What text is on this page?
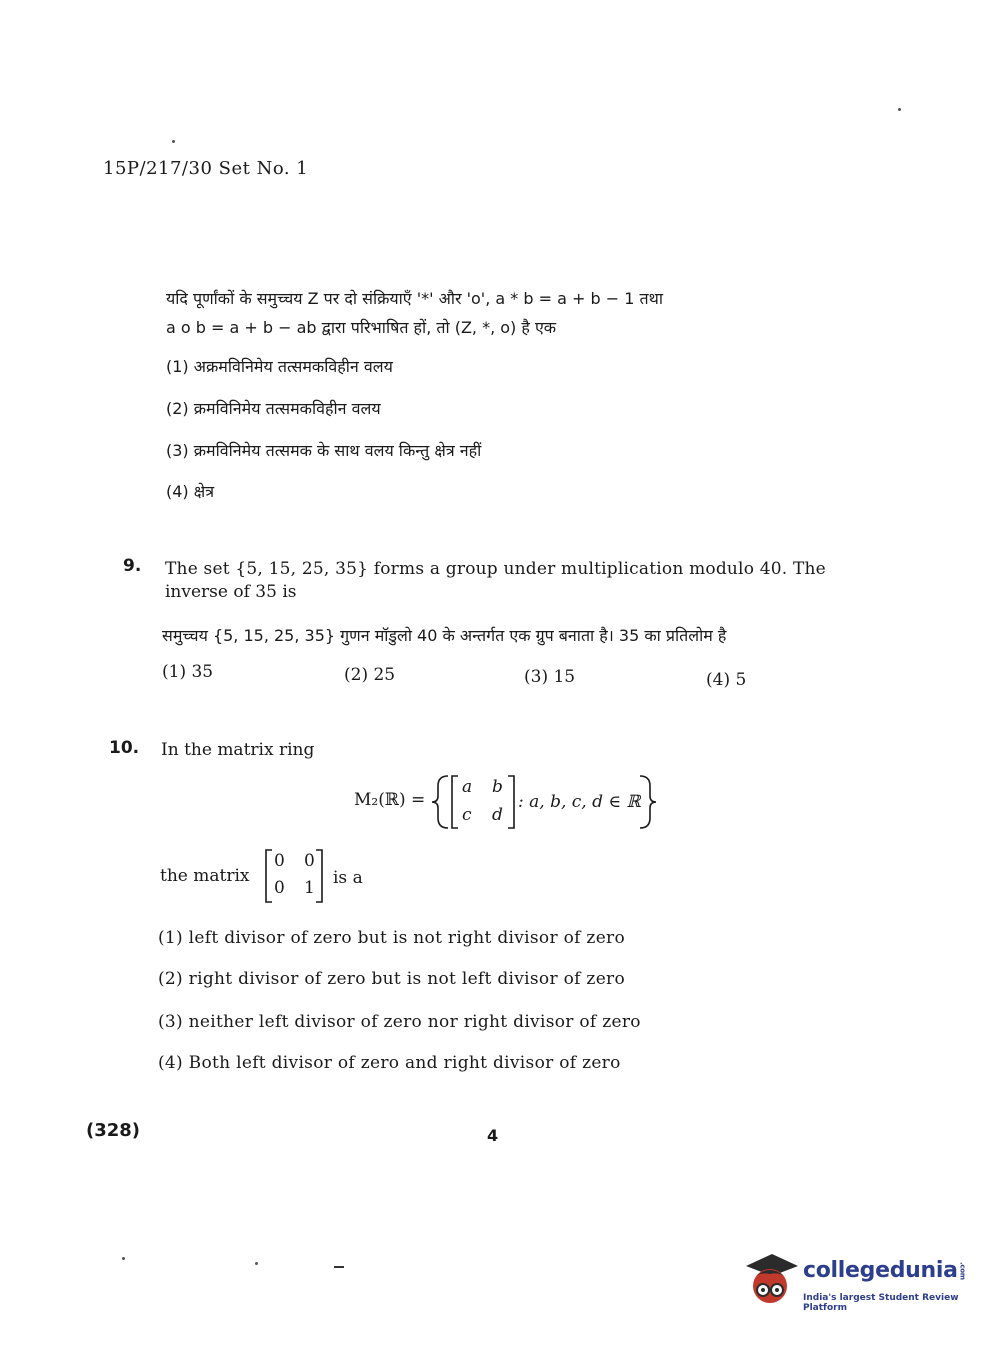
15P/217/30 Set No. 1
यदि पूर्णांकों के समुच्चय Z पर दो संक्रियाएँ '*' और 'o', a * b = a + b − 1 तथा
a o b = a + b − ab द्वारा परिभाषित हों, तो (Z, *, o) है एक
(1) अक्रमविनिमेय तत्समकविहीन वलय
(2) क्रमविनिमेय तत्समकविहीन वलय
(3) क्रमविनिमेय तत्समक के साथ वलय किन्तु क्षेत्र नहीं
(4) क्षेत्र
9. The set {5, 15, 25, 35} forms a group under multiplication modulo 40. The
inverse of 35 is
समुच्चय {5, 15, 25, 35} गुणन मॉडुलो 40 के अन्तर्गत एक ग्रुप बनाता है। 35 का प्रतिलोम है
(1) 35	(2) 25	(3) 15	(4) 5
10. In the matrix ring
M₂(ℝ) =
a b
c d
: a, b, c, d ∈ ℝ
the matrix
0 0
0 1 is a
(1) left divisor of zero but is not right divisor of zero
(2) right divisor of zero but is not left divisor of zero
(3) neither left divisor of zero nor right divisor of zero
(4) Both left divisor of zero and right divisor of zero
(328)	4
collegedunia.com
India's largest Student Review Platform
